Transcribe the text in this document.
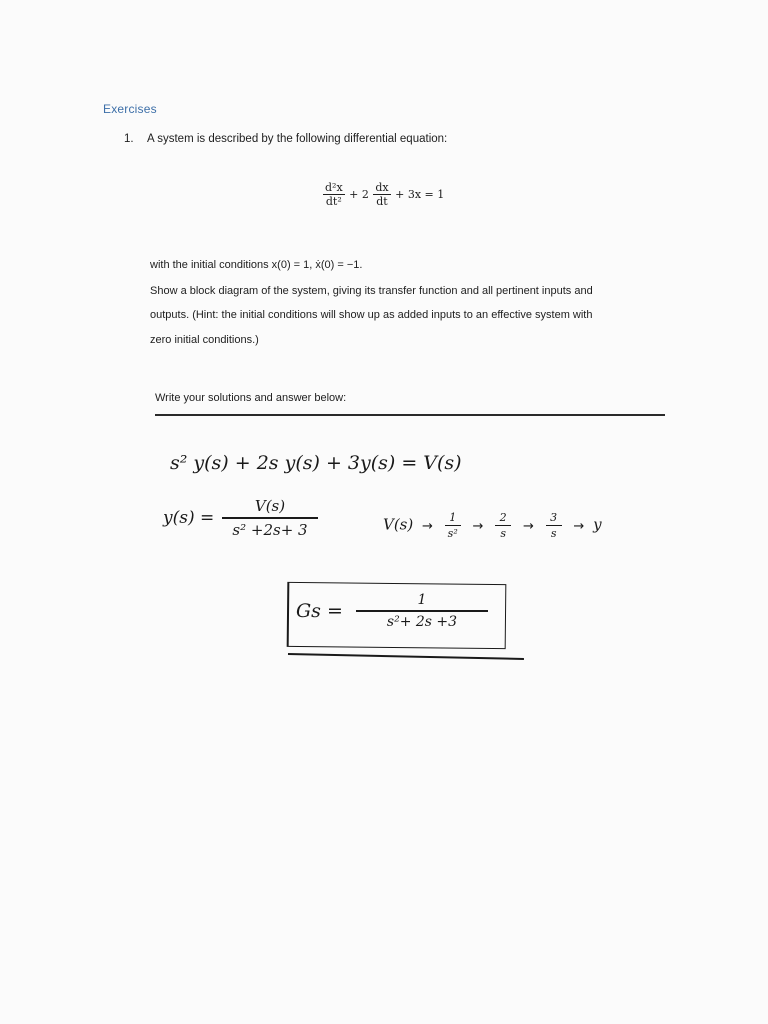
Exercises
1. A system is described by the following differential equation:
$\frac{\text{d²x}}{\text{dt²}} + 2 \frac{dx}{dt} + 3x = 1$
with the initial conditions x(0) = 1, ẋ(0) = −1.
Show a block diagram of the system, giving its transfer function and all pertinent inputs and
outputs. (Hint: the initial conditions will show up as added inputs to an effective system with
zero initial conditions.)
Write your solutions and answer below:
s² y(s) + 2s y(s) + 3y(s) = V(s)
$y(s) = \frac{V(s)}{\text{s² +2s+ 3}}$	$V(s) \to \frac{1}{\text{s²}} \to \frac{2}{s} \to \frac{3}{s} \to y$
$Gs = \frac{1}{\text{s²+ 2s +3}}$
